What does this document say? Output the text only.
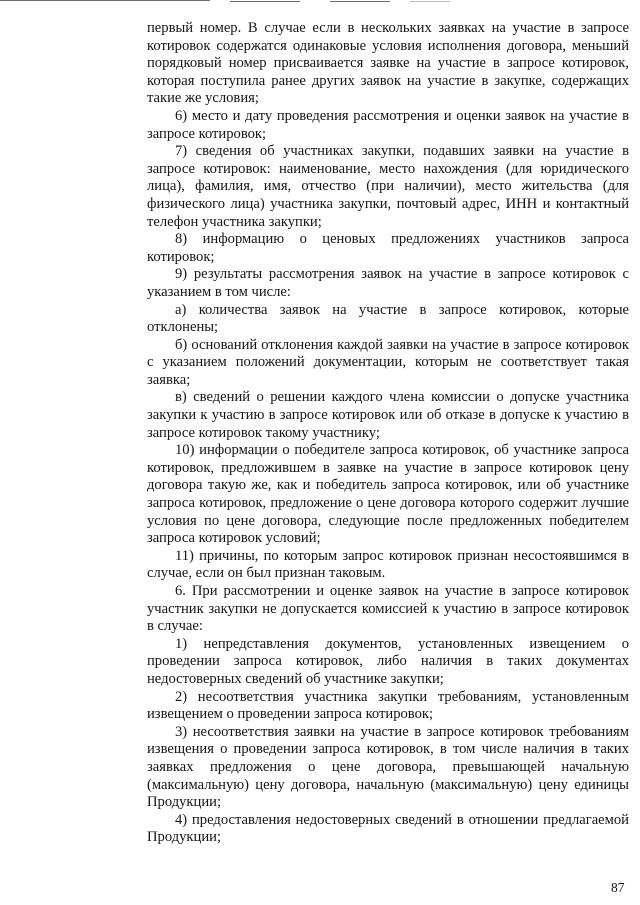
первый номер. В случае если в нескольких заявках на участие в запросе котировок содержатся одинаковые условия исполнения договора, меньший порядковый номер присваивается заявке на участие в запросе котировок, которая поступила ранее других заявок на участие в закупке, содержащих такие же условия;

6) место и дату проведения рассмотрения и оценки заявок на участие в запросе котировок;

7) сведения об участниках закупки, подавших заявки на участие в запросе котировок: наименование, место нахождения (для юридического лица), фамилия, имя, отчество (при наличии), место жительства (для физического лица) участника закупки, почтовый адрес, ИНН и контактный телефон участника закупки;

8) информацию о ценовых предложениях участников запроса котировок;

9) результаты рассмотрения заявок на участие в запросе котировок с указанием в том числе:

а) количества заявок на участие в запросе котировок, которые отклонены;

б) оснований отклонения каждой заявки на участие в запросе котировок с указанием положений документации, которым не соответствует такая заявка;

в) сведений о решении каждого члена комиссии о допуске участника закупки к участию в запросе котировок или об отказе в допуске к участию в запросе котировок такому участнику;

10) информации о победителе запроса котировок, об участнике запроса котировок, предложившем в заявке на участие в запросе котировок цену договора такую же, как и победитель запроса котировок, или об участнике запроса котировок, предложение о цене договора которого содержит лучшие условия по цене договора, следующие после предложенных победителем запроса котировок условий;

11) причины, по которым запрос котировок признан несостоявшимся в случае, если он был признан таковым.

6. При рассмотрении и оценке заявок на участие в запросе котировок участник закупки не допускается комиссией к участию в запросе котировок в случае:

1) непредставления документов, установленных извещением о проведении запроса котировок, либо наличия в таких документах недостоверных сведений об участнике закупки;

2) несоответствия участника закупки требованиям, установленным извещением о проведении запроса котировок;

3) несоответствия заявки на участие в запросе котировок требованиям извещения о проведении запроса котировок, в том числе наличия в таких заявках предложения о цене договора, превышающей начальную (максимальную) цену договора, начальную (максимальную) цену единицы Продукции;

4) предоставления недостоверных сведений в отношении предлагаемой Продукции;

87
